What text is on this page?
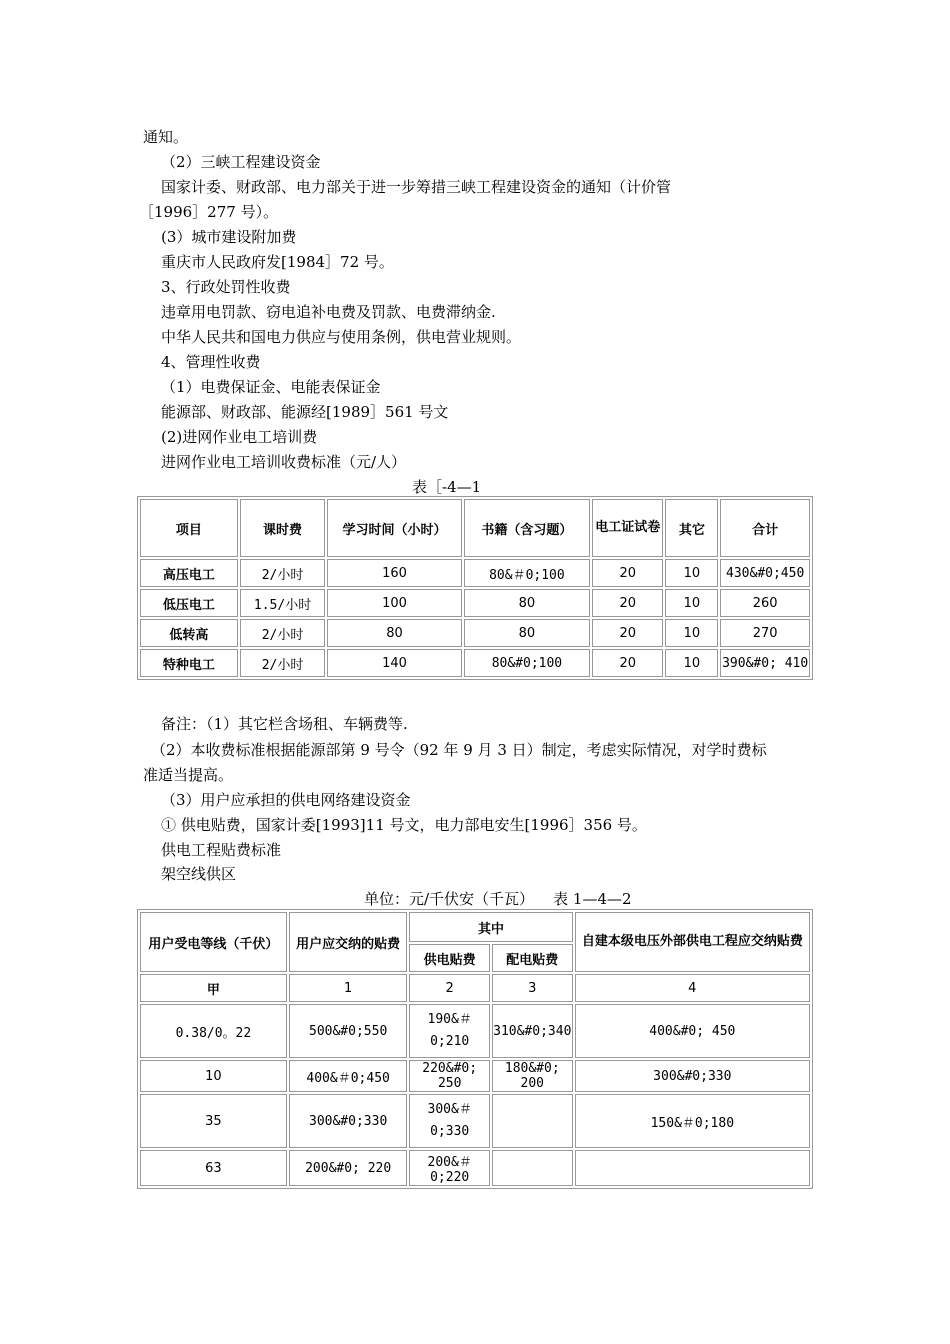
通知。
（2）三峡工程建设资金
国家计委、财政部、电力部关于进一步筹措三峡工程建设资金的通知（计价管
［1996］277 号）。
(3）城市建设附加费
重庆市人民政府发[1984］72 号。
3、行政处罚性收费
违章用电罚款、窃电追补电费及罚款、电费滞纳金.
中华人民共和国电力供应与使用条例，供电营业规则。
4、管理性收费
（1）电费保证金、电能表保证金
能源部、财政部、能源经[1989］561 号文
(2)进网作业电工培训费
进网作业电工培训收费标准（元/人）
表［-4—1
项目	课时费	学习时间（小时）	书籍（含习题）	电工证试卷	其它	合计
高压电工	2/小时	160	80&＃0;100	20	10	430&#0;450
低压电工	1.5/小时	100	80	20	10	260
低转高	2/小时	80	80	20	10	270
特种电工	2/小时	140	80&#0;100	20	10	390&#0; 410
备注：（1）其它栏含场租、车辆费等.
（2）本收费标准根据能源部第 9 号令（92 年 9 月 3 日）制定，考虑实际情况，对学时费标
准适当提高。
（3）用户应承担的供电网络建设资金
① 供电贴费，国家计委[1993]11 号文，电力部电安生[1996］356 号。
供电工程贴费标准
架空线供区
单位：元/千伏安（千瓦）    表 1—4—2
用户受电等线（千伏）	用户应交纳的贴费	其中		自建本级电压外部供电工程应交纳贴费
		供电贴费	配电贴费	
甲	1	2	3	4
0.38/0。22	500&#0;550	190&＃0;210	310&#0;340	400&#0; 450
10	400&＃0;450	220&#0; 250	180&#0; 200	300&#0;330
35	300&#0;330	300&＃0;330		150&＃0;180
63	200&#0; 220	200&＃0;220		
